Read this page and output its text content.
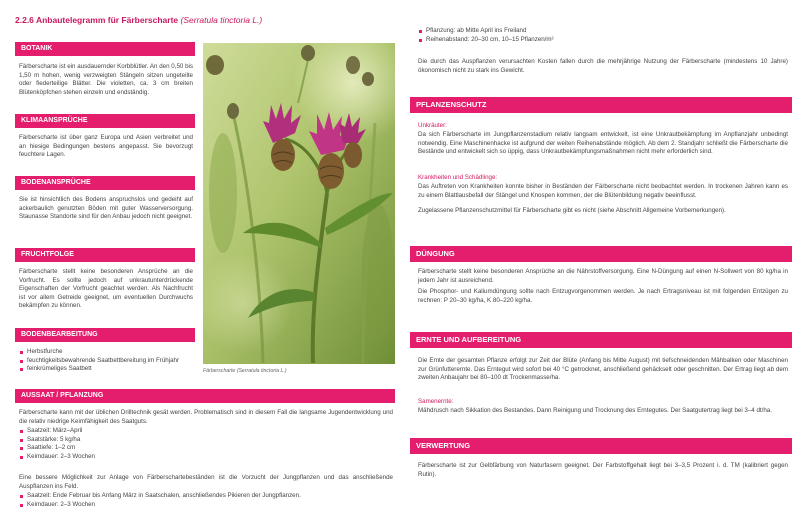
2.2.6 Anbautelegramm für Färberscharte (Serratula tinctoria L.)
BOTANIK
Färberscharte ist ein ausdauernder Korbblütler. An den 0,50 bis 1,50 m hohen, wenig verzweigten Stängeln sitzen ungeteilte oder fiederteilige Blätter. Die violetten, ca. 3 cm breiten Blütenköpfchen stehen einzeln und endständig.
KLIMAANSPRÜCHE
Färberscharte ist über ganz Europa und Asien verbreitet und an hiesige Bedingungen bestens angepasst. Sie bevorzugt feuchtere Lagen.
BODENANSPRÜCHE
Sie ist hinsichtlich des Bodens anspruchslos und gedeiht auf ackerbaulich genutzten Böden mit guter Wasserversorgung. Staunasse Standorte sind für den Anbau jedoch nicht geeignet.
FRUCHTFOLGE
Färberscharte stellt keine besonderen Ansprüche an die Vorfrucht. Es sollte jedoch auf unkrautunterdrückende Eigenschaften der Vorfrucht geachtet werden. Als Nachfrucht ist vor allem Getreide geeignet, um eventuellen Durchwuchs bekämpfen zu können.
BODENBEARBEITUNG
Herbstfurche
feuchtigkeitsbewahrende Saatbettbereitung im Frühjahr
feinkrümeliges Saatbett
AUSSAAT / PFLANZUNG
Färberscharte kann mit der üblichen Drilltechnik gesät werden. Problematisch sind in diesem Fall die langsame Jugendentwicklung und die relativ niedrige Keimfähigkeit des Saatguts.
Saatzeit: März–April
Saatstärke: 5 kg/ha
Saattiefe: 1–2 cm
Keimdauer: 2–3 Wochen
Eine bessere Möglichkeit zur Anlage von Färberschartebeständen ist die Vorzucht der Jungpflanzen und das anschließende Auspflanzen ins Feld.
Saatzeit: Ende Februar bis Anfang März in Saatschalen, anschließendes Pikieren der Jungpflanzen.
Keimdauer: 2–3 Wochen
Färberscharte (Serratula tinctoria L.)
Pflanzung: ab Mitte April ins Freiland
Reihenabstand: 20–30 cm, 10–15 Pflanzen/m²
Die durch das Auspflanzen verursachten Kosten fallen durch die mehrjährige Nutzung der Färberscharte (mindestens 10 Jahre) ökonomisch nicht zu stark ins Gewicht.
PFLANZENSCHUTZ
Unkräuter:
Da sich Färberscharte im Jungpflanzenstadium relativ langsam entwickelt, ist eine Unkrautbekämpfung im Anpflanzjahr unbedingt notwendig. Eine Maschinenhacke ist aufgrund der weiten Reihenabstände möglich. Ab dem 2. Standjahr schließt die Färberscharte die Bestände und entwickelt sich so üppig, dass Unkrautbekämpfungsmaßnahmen nicht mehr erforderlich sind.
Krankheiten und Schädlinge:
Das Auftreten von Krankheiten konnte bisher in Beständen der Färberscharte nicht beobachtet werden. In trockenen Jahren kann es zu einem Blattlausbefall der Stängel und Knospen kommen, der die Blütenbildung negativ beeinflusst.
Zugelassene Pflanzenschutzmittel für Färberscharte gibt es nicht (siehe Abschnitt Allgemeine Vorbemerkungen).
DÜNGUNG
Färberscharte stellt keine besonderen Ansprüche an die Nährstoffversorgung. Eine N-Düngung auf einen N-Sollwert von 80 kg/ha in jedem Jahr ist ausreichend.
Die Phosphor- und Kaliumdüngung sollte nach Entzugvorgenommen werden. Je nach Ertragsniveau ist mit folgenden Entzügen zu rechnen: P 20–30 kg/ha, K 80–220 kg/ha.
ERNTE UND AUFBEREITUNG
Die Ernte der gesamten Pflanze erfolgt zur Zeit der Blüte (Anfang bis Mitte August) mit tiefschneidenden Mähbalken oder Maschinen zur Grünfutterernte. Das Erntegut wird sofort bei 40 °C getrocknet, anschließend gehäckselt oder geschnitten. Der Ertrag liegt ab dem zweiten Anbaujahr bei 80–100 dt Trockenmasse/ha.
Samenernte:
Mähdrusch nach Sikkation des Bestandes. Dann Reinigung und Trocknung des Erntegutes. Der Saatgutertrag liegt bei 3–4 dt/ha.
VERWERTUNG
Färberscharte ist zur Gelbfärbung von Naturfasern geeignet. Der Farbstoffgehalt liegt bei 3–3,5 Prozent i. d. TM (kalibriert gegen Rutin).
